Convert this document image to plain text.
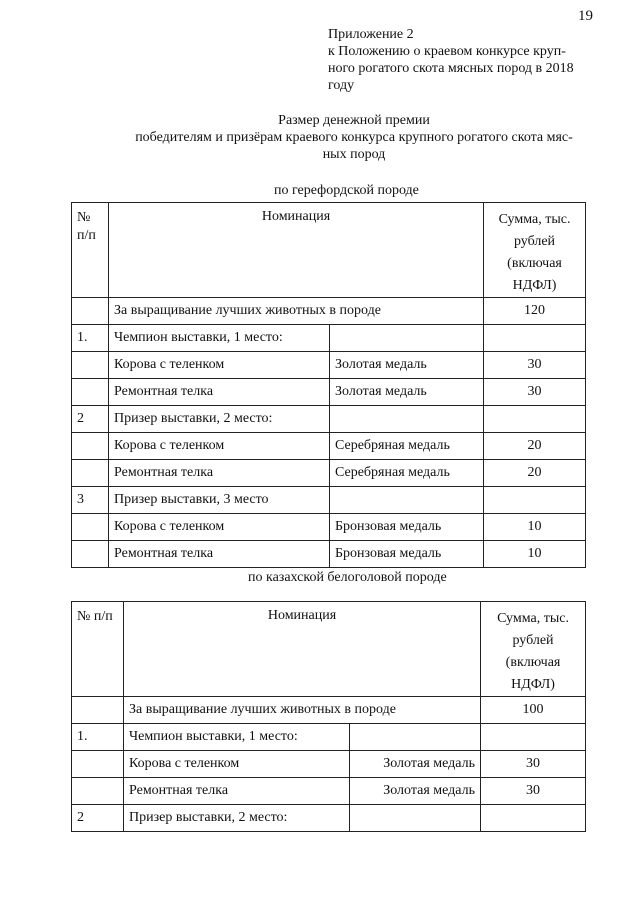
19
Приложение 2
к Положению о краевом конкурсе круп-
ного рогатого скота мясных пород в 2018
году
Размер денежной премии
победителям и призёрам краевого конкурса крупного рогатого скота мяс-
ных пород
по герефордской породе
№
п/п	Номинация		Сумма, тыс. рублей (включая НДФЛ)
	За выращивание лучших животных в породе		120
1.	Чемпион выставки, 1 место:		
	Корова с теленком	Золотая медаль	30
	Ремонтная телка	Золотая медаль	30
2	Призер выставки, 2 место:		
	Корова с теленком	Серебряная медаль	20
	Ремонтная телка	Серебряная медаль	20
3	Призер выставки, 3 место		
	Корова с теленком	Бронзовая медаль	10
	Ремонтная телка	Бронзовая медаль	10
по казахской белоголовой породе
№ п/п	Номинация		Сумма, тыс. рублей (включая НДФЛ)
	За выращивание лучших животных в породе		100
1.	Чемпион выставки, 1 место:		
	Корова с теленком	Золотая медаль	30
	Ремонтная телка	Золотая медаль	30
2	Призер выставки, 2 место:		
